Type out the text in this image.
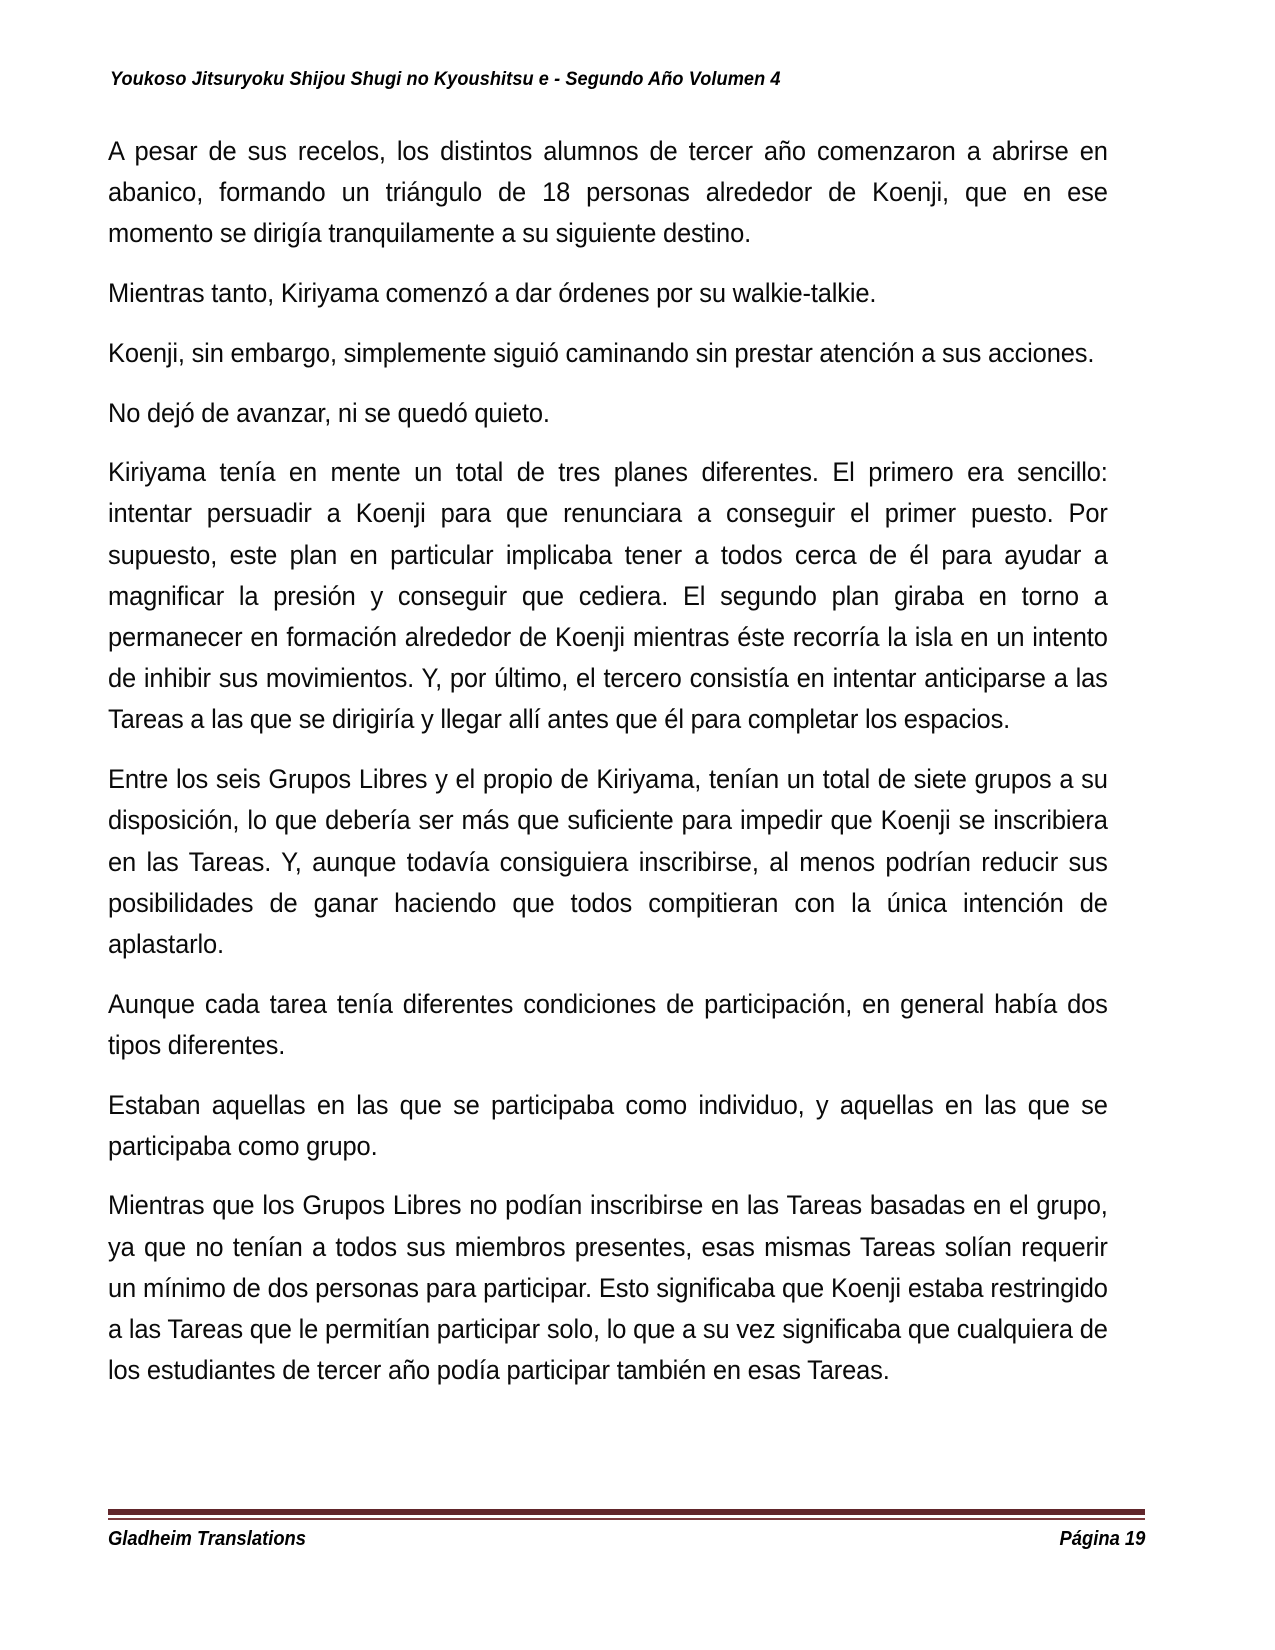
Youkoso Jitsuryoku Shijou Shugi no Kyoushitsu e - Segundo Año Volumen 4

A pesar de sus recelos, los distintos alumnos de tercer año comenzaron a abrirse en abanico, formando un triángulo de 18 personas alrededor de Koenji, que en ese momento se dirigía tranquilamente a su siguiente destino.

Mientras tanto, Kiriyama comenzó a dar órdenes por su walkie-talkie.

Koenji, sin embargo, simplemente siguió caminando sin prestar atención a sus acciones.

No dejó de avanzar, ni se quedó quieto.

Kiriyama tenía en mente un total de tres planes diferentes. El primero era sencillo: intentar persuadir a Koenji para que renunciara a conseguir el primer puesto. Por supuesto, este plan en particular implicaba tener a todos cerca de él para ayudar a magnificar la presión y conseguir que cediera. El segundo plan giraba en torno a permanecer en formación alrededor de Koenji mientras éste recorría la isla en un intento de inhibir sus movimientos. Y, por último, el tercero consistía en intentar anticiparse a las Tareas a las que se dirigiría y llegar allí antes que él para completar los espacios.

Entre los seis Grupos Libres y el propio de Kiriyama, tenían un total de siete grupos a su disposición, lo que debería ser más que suficiente para impedir que Koenji se inscribiera en las Tareas. Y, aunque todavía consiguiera inscribirse, al menos podrían reducir sus posibilidades de ganar haciendo que todos compitieran con la única intención de aplastarlo.

Aunque cada tarea tenía diferentes condiciones de participación, en general había dos tipos diferentes.

Estaban aquellas en las que se participaba como individuo, y aquellas en las que se participaba como grupo.

Mientras que los Grupos Libres no podían inscribirse en las Tareas basadas en el grupo, ya que no tenían a todos sus miembros presentes, esas mismas Tareas solían requerir un mínimo de dos personas para participar. Esto significaba que Koenji estaba restringido a las Tareas que le permitían participar solo, lo que a su vez significaba que cualquiera de los estudiantes de tercer año podía participar también en esas Tareas.

Gladheim Translations	Página 19
